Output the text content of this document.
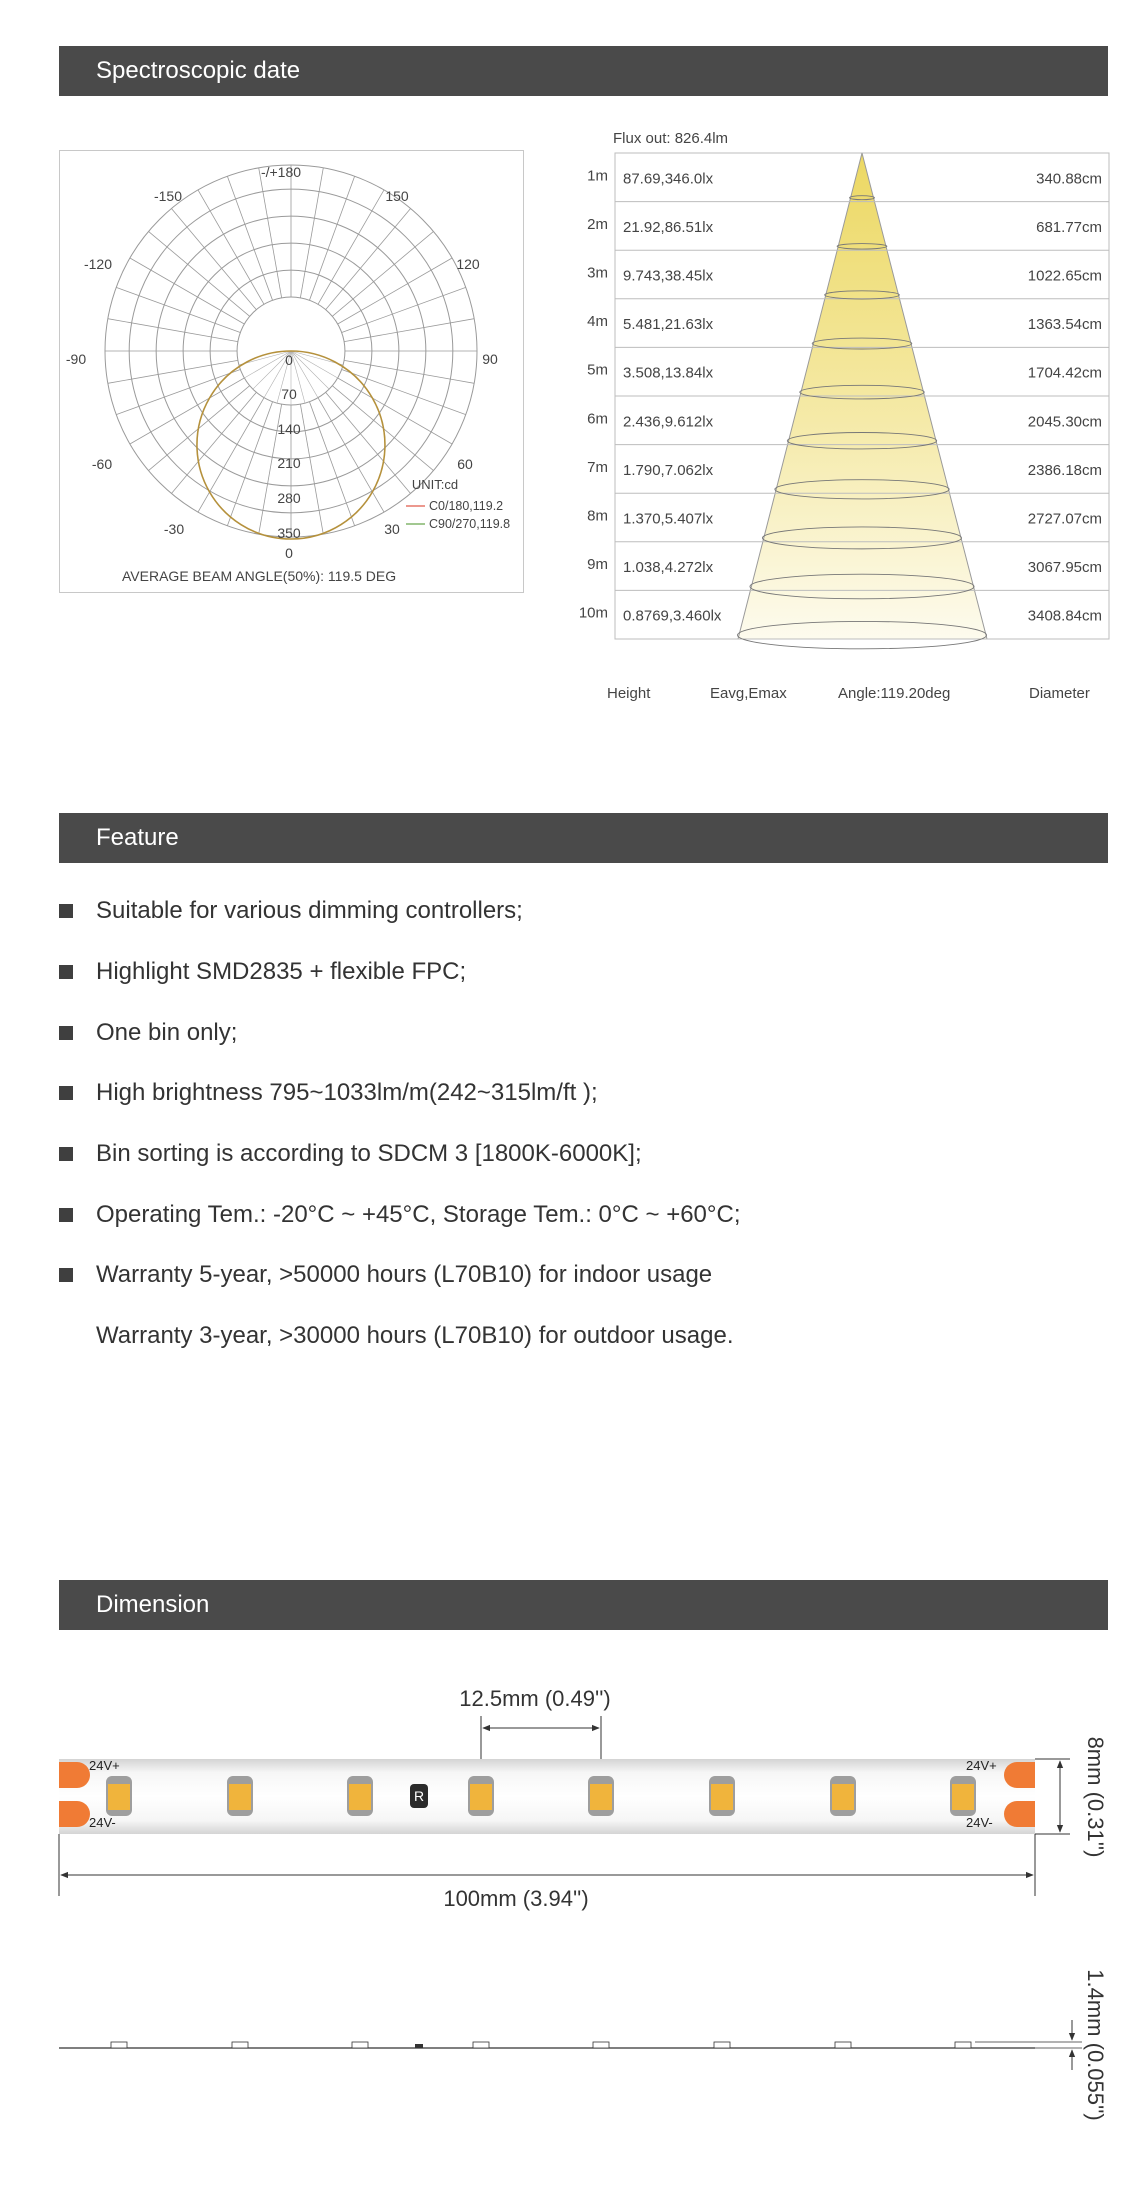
Spectroscopic date
Feature
Dimension
-/+180
-150	150
-120	120
-90	90
-60	60
-30	30
0
0
70
140
210
280
350
UNIT:cd
C0/180,119.2
C90/270,119.8
AVERAGE BEAM ANGLE(50%): 119.5 DEG
Flux out: 826.4lm
1m 87.69,346.0lx	340.88cm
2m 21.92,86.51lx	681.77cm
3m 9.743,38.45lx	1022.65cm
4m 5.481,21.63lx	1363.54cm
5m 3.508,13.84lx	1704.42cm
6m 2.436,9.612lx	2045.30cm
7m 1.790,7.062lx	2386.18cm
8m 1.370,5.407lx	2727.07cm
9m 1.038,4.272lx	3067.95cm
10m 0.8769,3.460lx	3408.84cm
Height	Eavg,Emax	Angle:119.20deg	Diameter
Suitable for various dimming controllers;
Highlight SMD2835 + flexible FPC;
One bin only;
High brightness 795~1033lm/m(242~315lm/ft );
Bin sorting is according to SDCM 3 [1800K-6000K];
Operating Tem.: -20°C ~ +45°C, Storage Tem.: 0°C ~ +60°C;
Warranty 5-year, >50000 hours (L70B10) for indoor usage
Warranty 3-year, >30000 hours (L70B10) for outdoor usage.
12.5mm (0.49'')
24V+
24V-
24V+
24V-
R	8mm (0.31'')
100mm (3.94'')
1.4mm (0.055'')
